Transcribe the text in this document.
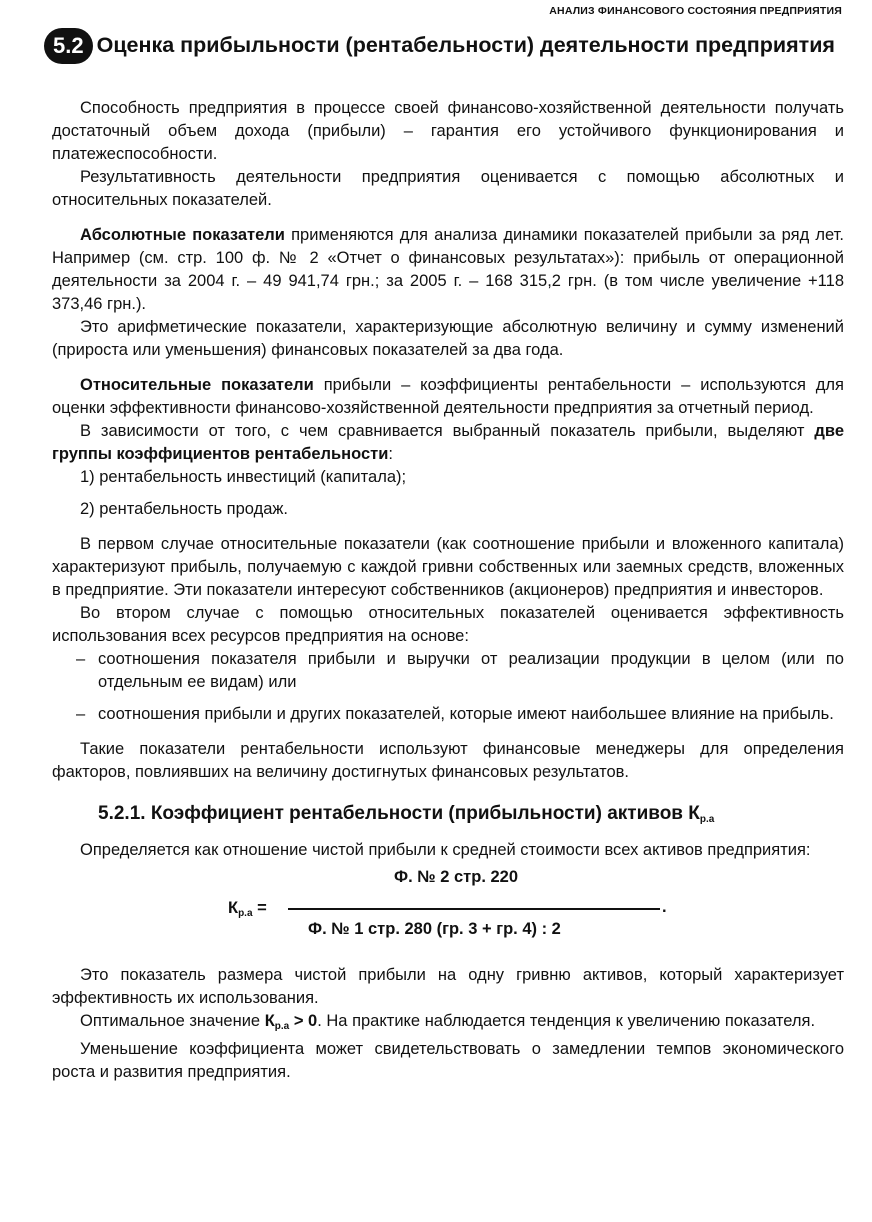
АНАЛИЗ ФИНАНСОВОГО СОСТОЯНИЯ ПРЕДПРИЯТИЯ
5.2 Оценка прибыльности (рентабельности) деятельности предприятия

Способность предприятия в процессе своей финансово-хозяйственной деятельности получать достаточный объем дохода (прибыли) – гарантия его устойчивого функционирования и платежеспособности.

Результативность деятельности предприятия оценивается с помощью абсолютных и относительных показателей.

Абсолютные показатели применяются для анализа динамики показателей прибыли за ряд лет. Например (см. стр. 100 ф. № 2 «Отчет о финансовых результатах»): прибыль от операционной деятельности за 2004 г. – 49 941,74 грн.; за 2005 г. – 168 315,2 грн. (в том числе увеличение +118 373,46 грн.).

Это арифметические показатели, характеризующие абсолютную величину и сумму изменений (прироста или уменьшения) финансовых показателей за два года.

Относительные показатели прибыли – коэффициенты рентабельности – используются для оценки эффективности финансово-хозяйственной деятельности предприятия за отчетный период.

В зависимости от того, с чем сравнивается выбранный показатель прибыли, выделяют две группы коэффициентов рентабельности:

1) рентабельность инвестиций (капитала);

2) рентабельность продаж.

В первом случае относительные показатели (как соотношение прибыли и вложенного капитала) характеризуют прибыль, получаемую с каждой гривни собственных или заемных средств, вложенных в предприятие. Эти показатели интересуют собственников (акционеров) предприятия и инвесторов.

Во втором случае с помощью относительных показателей оценивается эффективность использования всех ресурсов предприятия на основе:

– соотношения показателя прибыли и выручки от реализации продукции в целом (или по отдельным ее видам) или
– соотношения прибыли и других показателей, которые имеют наибольшее влияние на прибыль.

Такие показатели рентабельности используют финансовые менеджеры для определения факторов, повлиявших на величину достигнутых финансовых результатов.

5.2.1. Коэффициент рентабельности (прибыльности) активов $К_{р.а}$

Определяется как отношение чистой прибыли к средней стоимости всех активов предприятия:

$К_{р.а}$ =
Ф. № 2 стр. 220
.
Ф. № 1 стр. 280 (гр. 3 + гр. 4) : 2

Это показатель размера чистой прибыли на одну гривню активов, который характеризует эффективность их использования.

Оптимальное значение $К_{р.а} > 0$. На практике наблюдается тенденция к увеличению показателя.

Уменьшение коэффициента может свидетельствовать о замедлении темпов экономического роста и развития предприятия.
